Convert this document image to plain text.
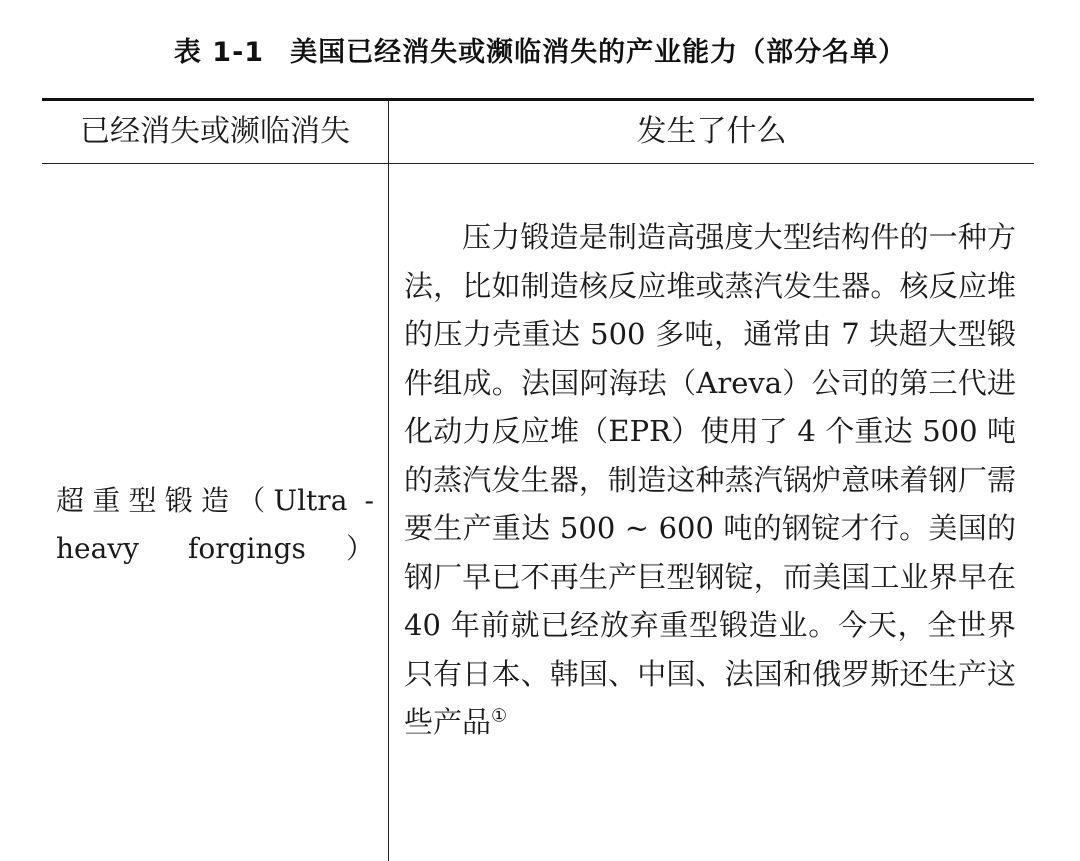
表 1-1 美国已经消失或濒临消失的产业能力（部分名单）
已经消失或濒临消失	发生了什么
超重型锻造（Ultra - heavy forgings）

压力锻造是制造高强度大型结构件的一种方法，比如制造核反应堆或蒸汽发生器。核反应堆的压力壳重达 500 多吨，通常由 7 块超大型锻件组成。法国阿海珐（Areva）公司的第三代进化动力反应堆（EPR）使用了 4 个重达 500 吨的蒸汽发生器，制造这种蒸汽锅炉意味着钢厂需要生产重达 500 ~ 600 吨的钢锭才行。美国的钢厂早已不再生产巨型钢锭，而美国工业界早在 40 年前就已经放弃重型锻造业。今天，全世界只有日本、韩国、中国、法国和俄罗斯还生产这些产品①
